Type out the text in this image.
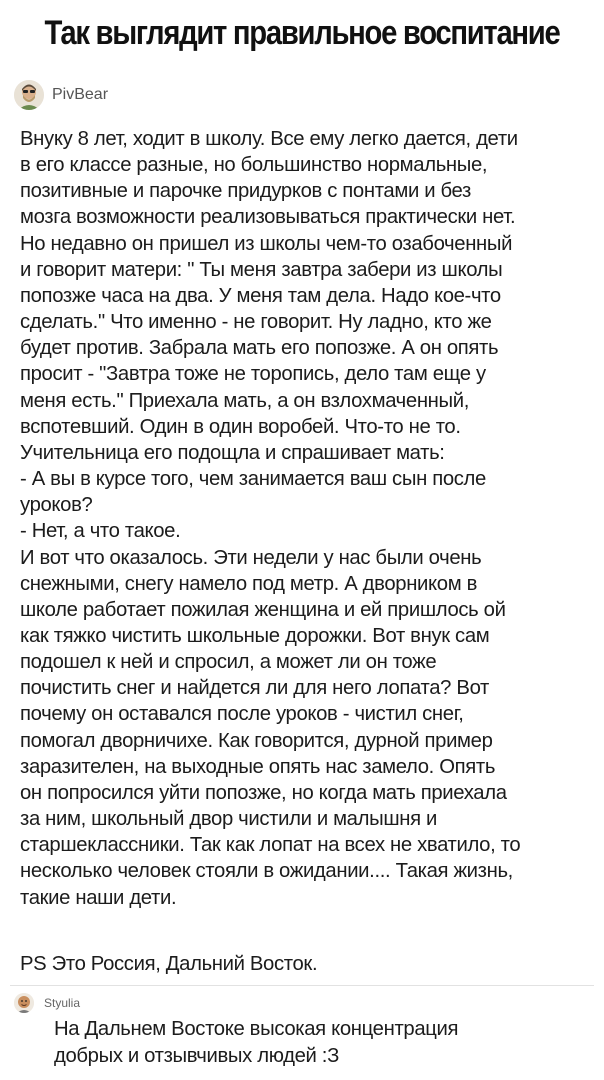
Так выглядит правильное воспитание
PivBear
Внуку 8 лет, ходит в школу. Все ему легко дается, дети
в его классе разные, но большинство нормальные,
позитивные и парочке придурков с понтами и без
мозга возможности реализовываться практически нет.
Но недавно он пришел из школы чем-то озабоченный
и говорит матери: " Ты меня завтра забери из школы
попозже часа на два. У меня там дела. Надо кое-что
сделать." Что именно - не говорит. Ну ладно, кто же
будет против. Забрала мать его попозже. А он опять
просит - "Завтра тоже не торопись, дело там еще у
меня есть." Приехала мать, а он взлохмаченный,
вспотевший. Один в один воробей. Что-то не то.
Учительница его подощла и спрашивает мать:
- А вы в курсе того, чем занимается ваш сын после
уроков?
- Нет, а что такое.
И вот что оказалось. Эти недели у нас были очень
снежными, снегу намело под метр. А дворником в
школе работает пожилая женщина и ей пришлось ой
как тяжко чистить школьные дорожки. Вот внук сам
подошел к ней и спросил, а может ли он тоже
почистить снег и найдется ли для него лопата? Вот
почему он оставался после уроков - чистил снег,
помогал дворничихе. Как говорится, дурной пример
заразителен, на выходные опять нас замело. Опять
он попросился уйти попозже, но когда мать приехала
за ним, школьный двор чистили и малышня и
старшеклассники. Так как лопат на всех не хватило, то
несколько человек стояли в ожидании.... Такая жизнь,
такие наши дети.
PS Это Россия, Дальний Восток.
Styulia
На Дальнем Востоке высокая концентрация
добрых и отзывчивых людей :З
